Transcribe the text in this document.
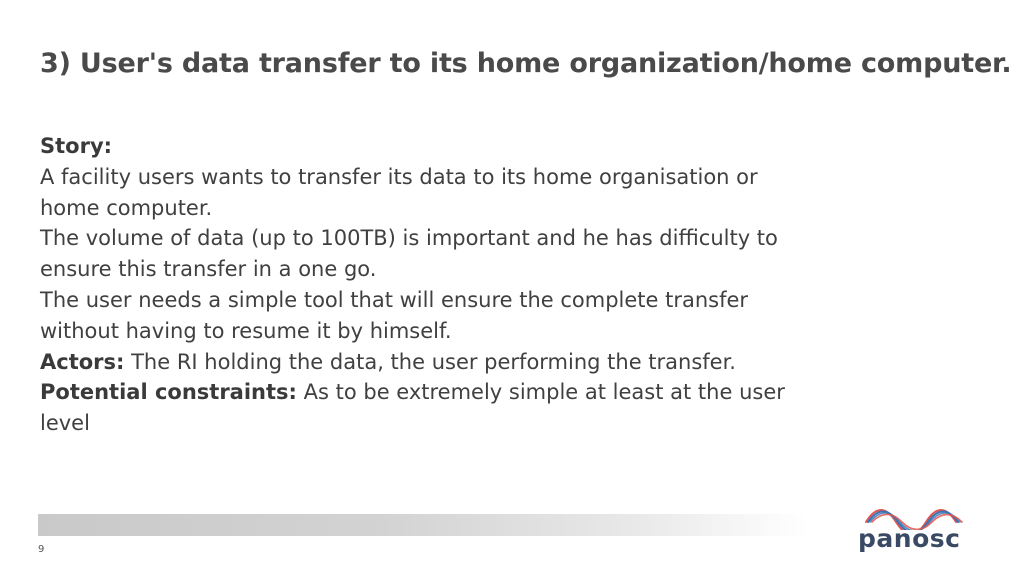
3) User's data transfer to its home organization/home computer.

Story:

A facility users wants to transfer its data to its home organisation or

home computer.

The volume of data (up to 100TB) is important and he has difficulty to

ensure this transfer in a one go.

The user needs a simple tool that will ensure the complete transfer

without having to resume it by himself.

Actors: The RI holding the data, the user performing the transfer.

Potential constraints: As to be extremely simple at least at the user

level

9	panosc
